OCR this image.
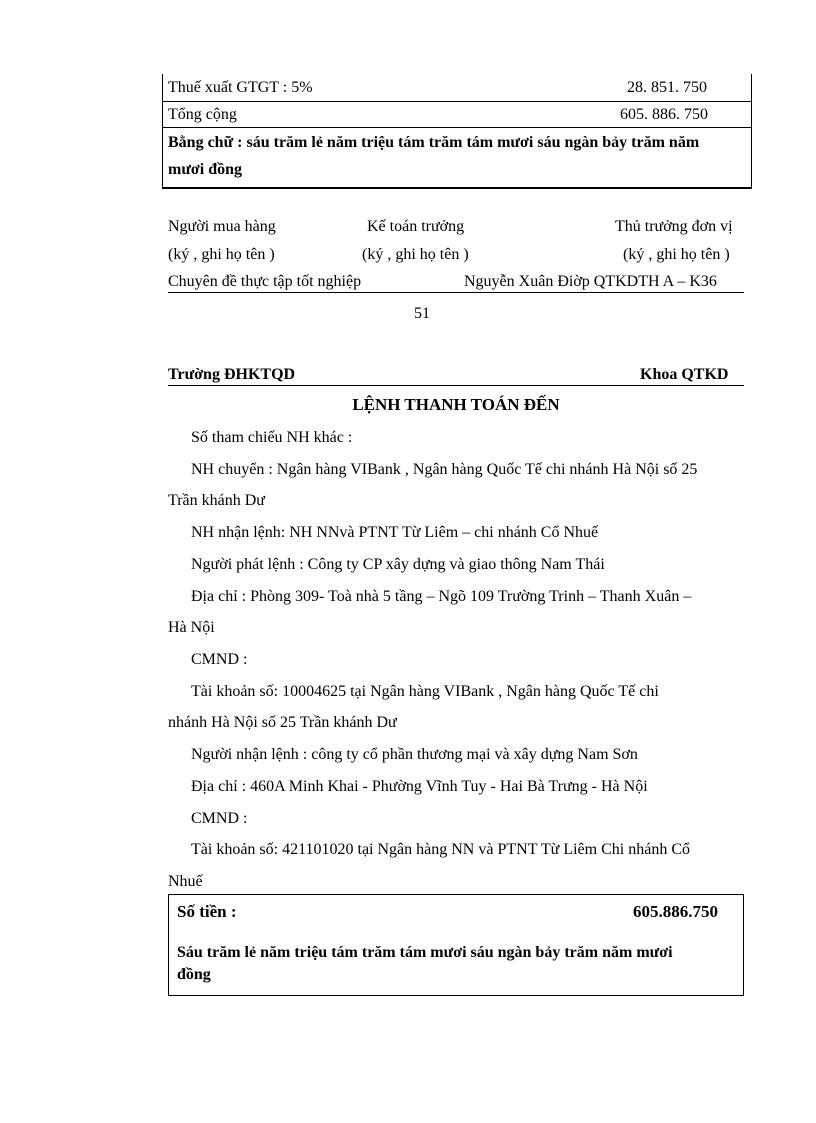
Thuế xuất GTGT : 5%	28. 851. 750
Tổng cộng	605. 886. 750
Bằng chữ : sáu trăm lẻ năm triệu tám trăm tám mươi sáu ngàn bảy trăm năm
mươi đồng
Người mua hàng	Kế toán trưởng	Thủ trưởng đơn vị
(ký , ghi họ tên )	(ký , ghi họ tên )	(ký , ghi họ tên )
Chuyên đề thực tập tốt nghiệp	Nguyễn Xuân Điờp QTKDTH A – K36
51
Trường ĐHKTQD	Khoa QTKD
LỆNH THANH TOÁN ĐẾN
Số tham chiếu NH khác :
NH chuyển : Ngân hàng VIBank , Ngân hàng Quốc Tế chi nhánh Hà Nội số 25
Trần khánh Dư
NH nhận lệnh: NH NNvà PTNT Từ Liêm – chi nhánh Cổ Nhuế
Người phát lệnh : Công ty CP xây dựng và giao thông Nam Thái
Địa chỉ : Phòng 309- Toà nhà 5 tầng – Ngõ 109 Trường Trinh – Thanh Xuân –
Hà Nội
CMND :
Tài khoản số: 10004625 tại Ngân hàng VIBank , Ngân hàng Quốc Tế chi
nhánh Hà Nội số 25 Trần khánh Dư
Người nhận lệnh : công ty cổ phần thương mại và xây dựng Nam Sơn
Địa chỉ : 460A Minh Khai - Phường Vĩnh Tuy - Hai Bà Trưng - Hà Nội
CMND :
Tài khoản số: 421101020 tại Ngân hàng NN và PTNT Từ Liêm Chi nhánh Cổ
Nhuế
Số tiền :	605.886.750
Sáu trăm lẻ năm triệu tám trăm tám mươi sáu ngàn bảy trăm năm mươi
đồng
